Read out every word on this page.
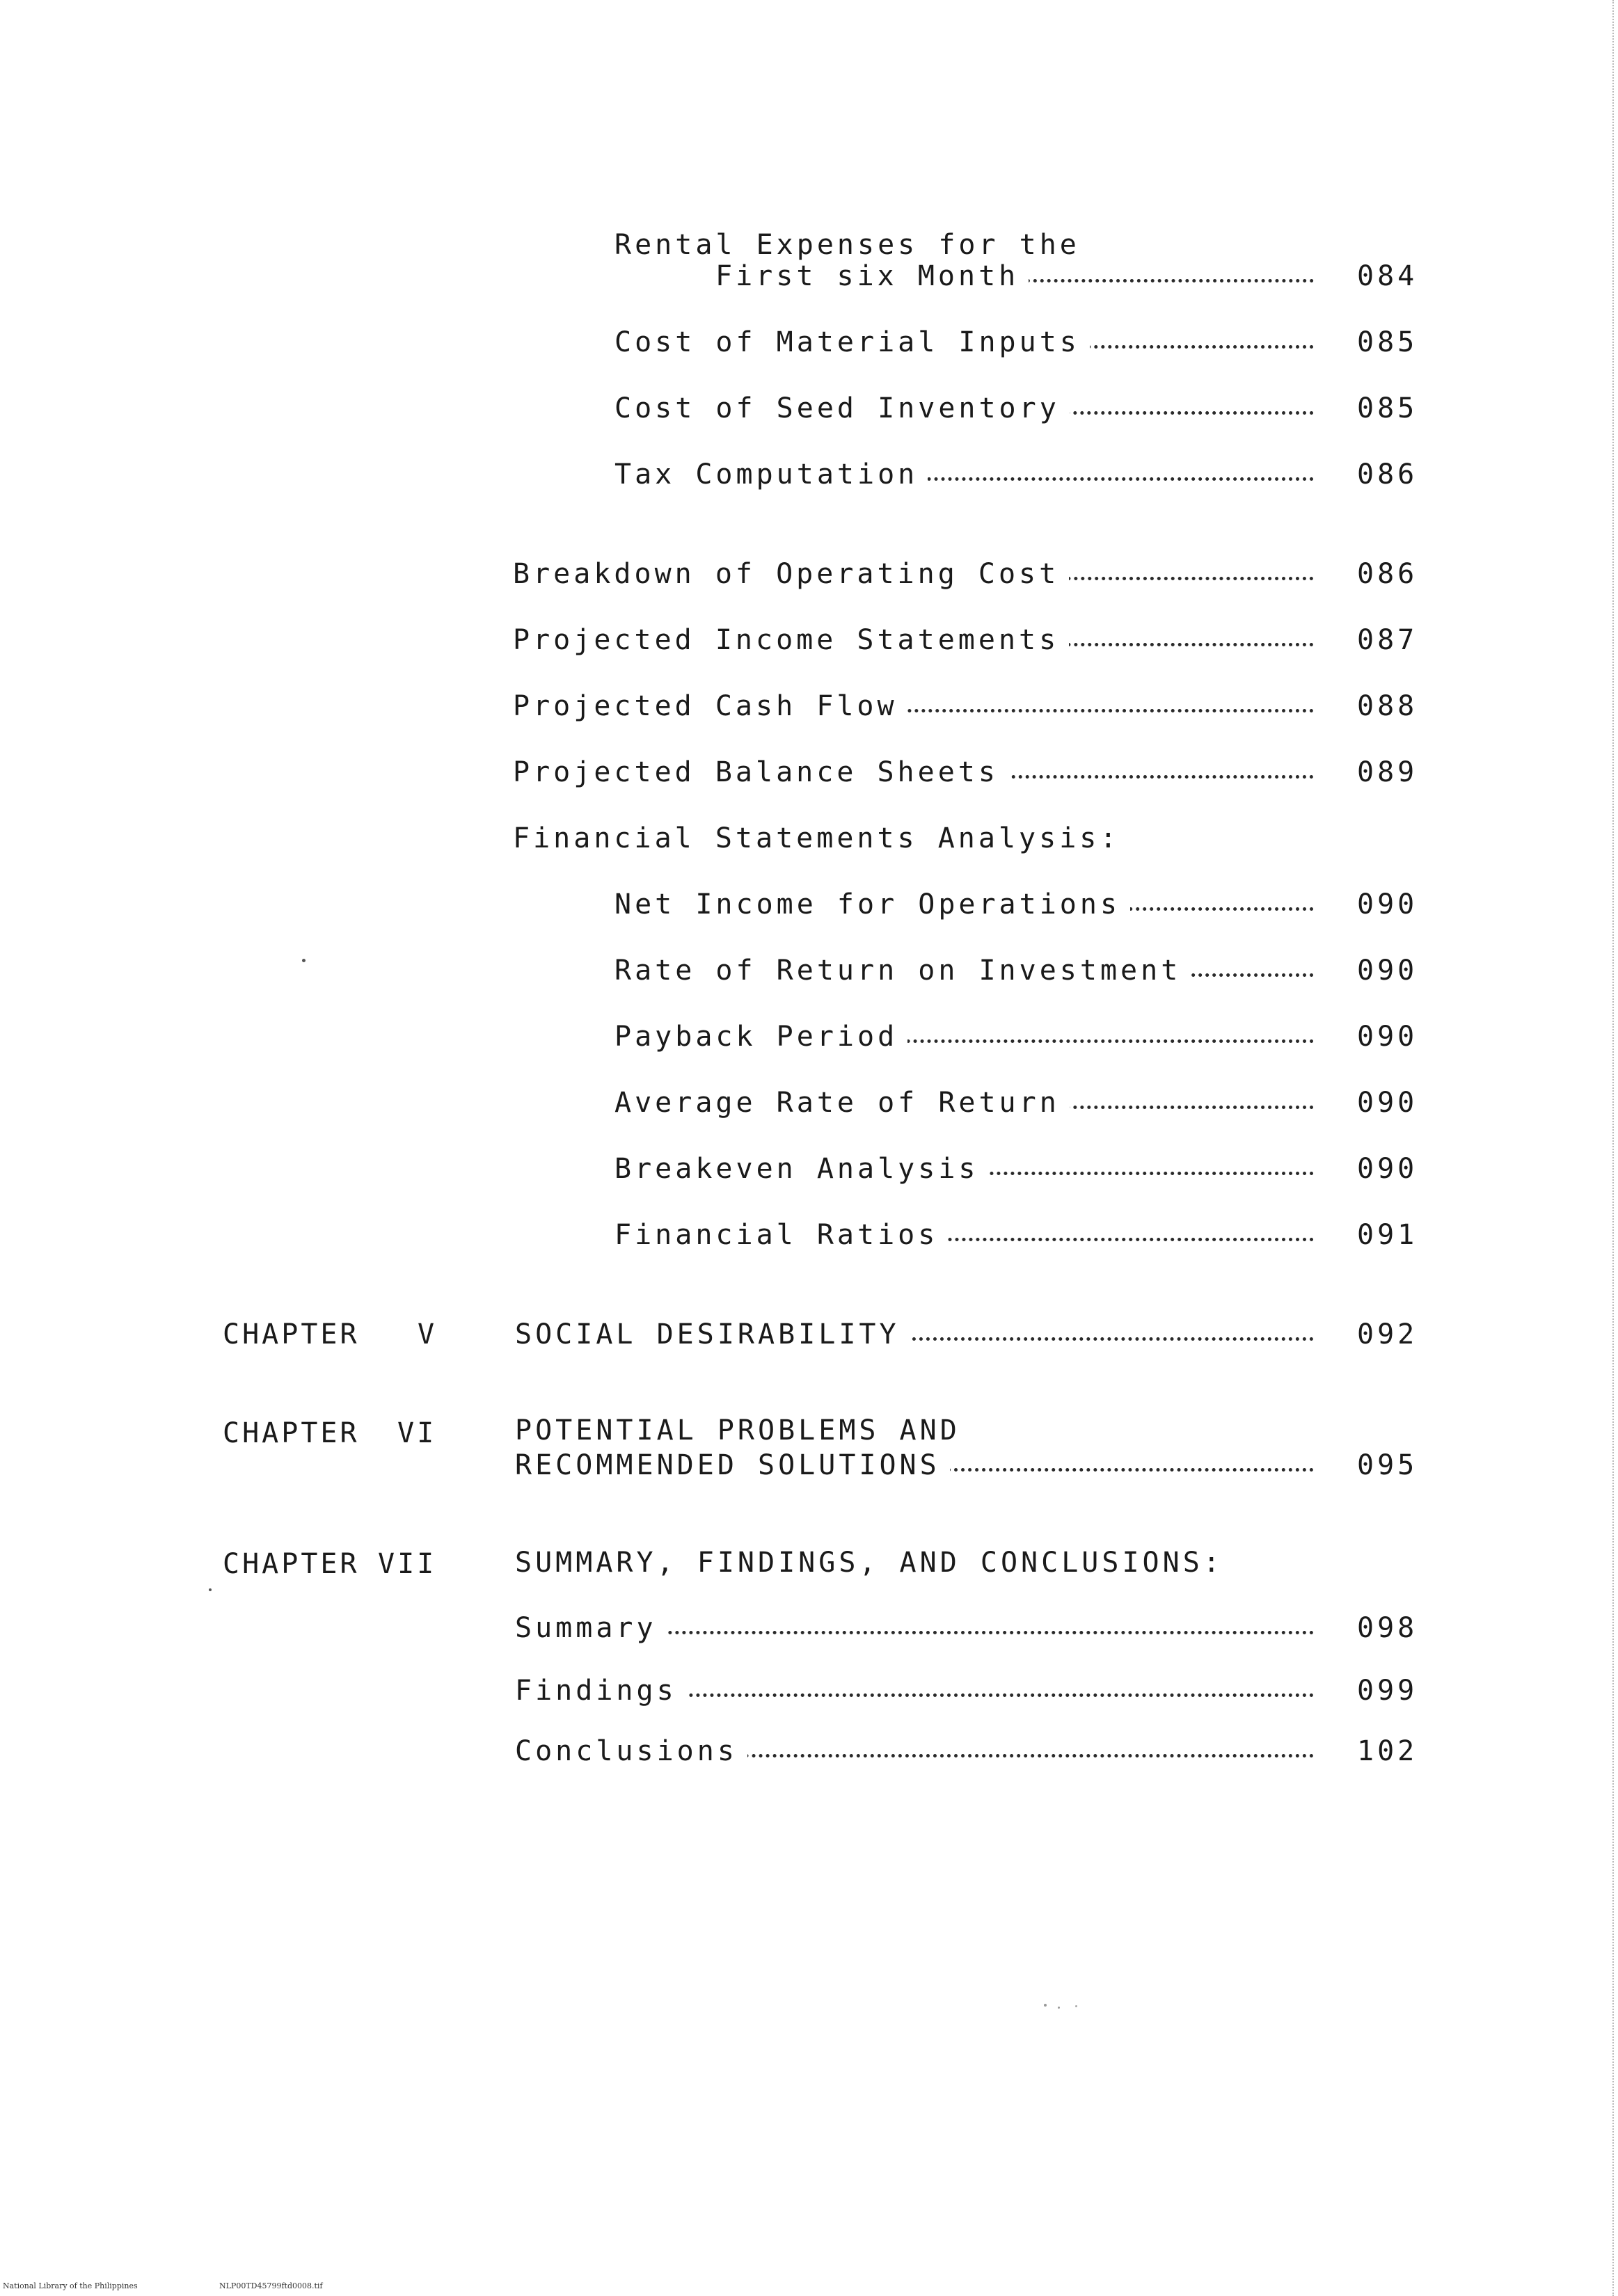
Rental Expenses for the
First six Month	084
Cost of Material Inputs	085
Cost of Seed Inventory	085
Tax Computation	086
Breakdown of Operating Cost	086
Projected Income Statements	087
Projected Cash Flow	088
Projected Balance Sheets	089
Financial Statements Analysis:
Net Income for Operations	090
Rate of Return on Investment	090
Payback Period	090
Average Rate of Return	090
Breakeven Analysis	090
Financial Ratios	091
CHAPTER V	SOCIAL DESIRABILITY	092
CHAPTER VI	POTENTIAL PROBLEMS AND
RECOMMENDED SOLUTIONS	095
CHAPTER VII	SUMMARY, FINDINGS, AND CONCLUSIONS:
Summary	098
Findings	099
Conclusions	102
National Library of the Philippines	NLP00TD45799ftd0008.tif
